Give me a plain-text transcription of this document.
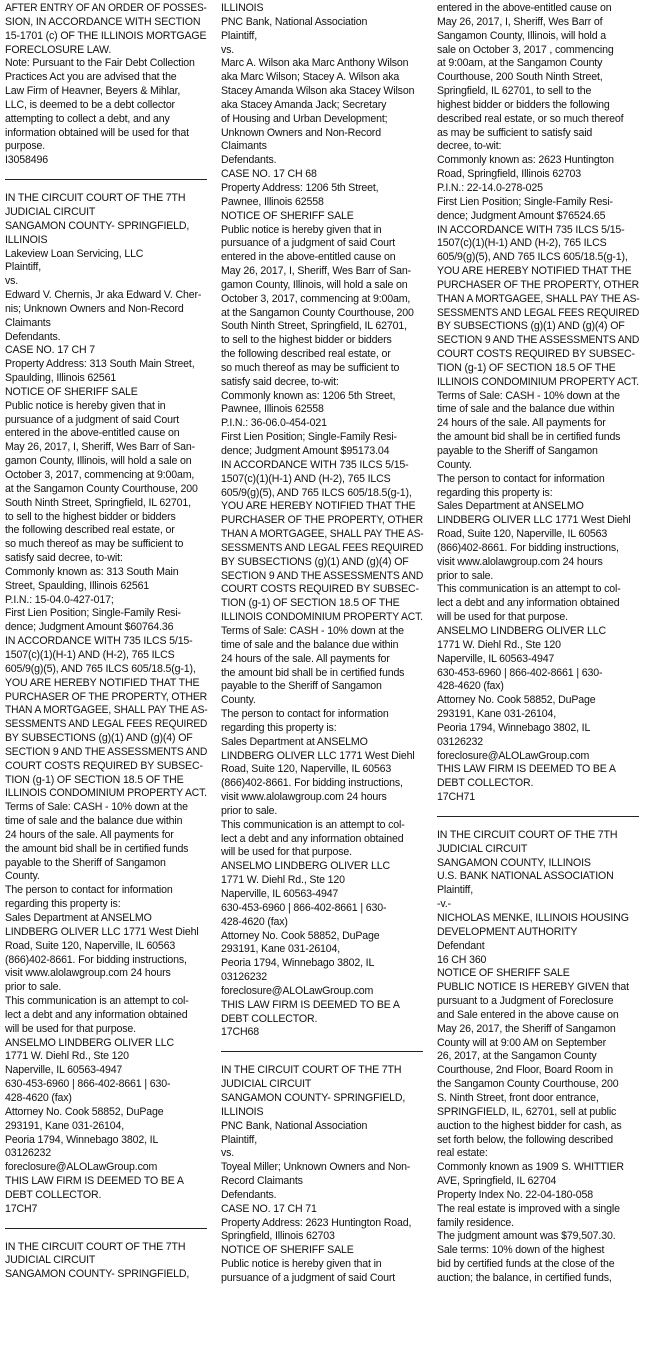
AFTER ENTRY OF AN ORDER OF POSSES-
SION, IN ACCORDANCE WITH SECTION
15-1701 (c) OF THE ILLINOIS MORTGAGE
FORECLOSURE LAW.
Note: Pursuant to the Fair Debt Collection
Practices Act you are advised that the
Law Firm of Heavner, Beyers & Mihlar,
LLC, is deemed to be a debt collector
attempting to collect a debt, and any
information obtained will be used for that
purpose.
I3058496
IN THE CIRCUIT COURT OF THE 7TH
JUDICIAL CIRCUIT
SANGAMON COUNTY- SPRINGFIELD,
ILLINOIS
Lakeview Loan Servicing, LLC
Plaintiff,
vs.
Edward V. Chernis, Jr aka Edward V. Cher-
nis; Unknown Owners and Non-Record
Claimants
Defendants.
CASE NO. 17 CH 7
Property Address: 313 South Main Street,
Spaulding, Illinois 62561
NOTICE OF SHERIFF SALE
Public notice is hereby given that in
pursuance of a judgment of said Court
entered in the above-entitled cause on
May 26, 2017, I, Sheriff, Wes Barr of San-
gamon County, Illinois, will hold a sale on
October 3, 2017, commencing at 9:00am,
at the Sangamon County Courthouse, 200
South Ninth Street, Springfield, IL 62701,
to sell to the highest bidder or bidders
the following described real estate, or
so much thereof as may be sufficient to
satisfy said decree, to-wit:
Commonly known as: 313 South Main
Street, Spaulding, Illinois 62561
P.I.N.: 15-04.0-427-017;
First Lien Position; Single-Family Resi-
dence; Judgment Amount $60764.36
IN ACCORDANCE WITH 735 ILCS 5/15-
1507(c)(1)(H-1) AND (H-2), 765 ILCS
605/9(g)(5), AND 765 ILCS 605/18.5(g-1),
YOU ARE HEREBY NOTIFIED THAT THE
PURCHASER OF THE PROPERTY, OTHER
THAN A MORTGAGEE, SHALL PAY THE AS-
SESSMENTS AND LEGAL FEES REQUIRED
BY SUBSECTIONS (g)(1) AND (g)(4) OF
SECTION 9 AND THE ASSESSMENTS AND
COURT COSTS REQUIRED BY SUBSEC-
TION (g-1) OF SECTION 18.5 OF THE
ILLINOIS CONDOMINIUM PROPERTY ACT.
Terms of Sale: CASH - 10% down at the
time of sale and the balance due within
24 hours of the sale. All payments for
the amount bid shall be in certified funds
payable to the Sheriff of Sangamon
County.
The person to contact for information
regarding this property is:
Sales Department at ANSELMO
LINDBERG OLIVER LLC 1771 West Diehl
Road, Suite 120, Naperville, IL 60563
(866)402-8661. For bidding instructions,
visit www.alolawgroup.com 24 hours
prior to sale.
This communication is an attempt to col-
lect a debt and any information obtained
will be used for that purpose.
ANSELMO LINDBERG OLIVER LLC
1771 W. Diehl Rd., Ste 120
Naperville, IL 60563-4947
630-453-6960 | 866-402-8661 | 630-
428-4620 (fax)
Attorney No. Cook 58852, DuPage
293191, Kane 031-26104,
Peoria 1794, Winnebago 3802, IL
03126232
foreclosure@ALOLawGroup.com
THIS LAW FIRM IS DEEMED TO BE A
DEBT COLLECTOR.
17CH7
IN THE CIRCUIT COURT OF THE 7TH
JUDICIAL CIRCUIT
SANGAMON COUNTY- SPRINGFIELD,
ILLINOIS
PNC Bank, National Association
Plaintiff,
vs.
Marc A. Wilson aka Marc Anthony Wilson
aka Marc Wilson; Stacey A. Wilson aka
Stacey Amanda Wilson aka Stacey Wilson
aka Stacey Amanda Jack; Secretary
of Housing and Urban Development;
Unknown Owners and Non-Record
Claimants
Defendants.
CASE NO. 17 CH 68
Property Address: 1206 5th Street,
Pawnee, Illinois 62558
NOTICE OF SHERIFF SALE
Public notice is hereby given that in
pursuance of a judgment of said Court
entered in the above-entitled cause on
May 26, 2017, I, Sheriff, Wes Barr of San-
gamon County, Illinois, will hold a sale on
October 3, 2017, commencing at 9:00am,
at the Sangamon County Courthouse, 200
South Ninth Street, Springfield, IL 62701,
to sell to the highest bidder or bidders
the following described real estate, or
so much thereof as may be sufficient to
satisfy said decree, to-wit:
Commonly known as: 1206 5th Street,
Pawnee, Illinois 62558
P.I.N.: 36-06.0-454-021
First Lien Position; Single-Family Resi-
dence; Judgment Amount $95173.04
IN ACCORDANCE WITH 735 ILCS 5/15-
1507(c)(1)(H-1) AND (H-2), 765 ILCS
605/9(g)(5), AND 765 ILCS 605/18.5(g-1),
YOU ARE HEREBY NOTIFIED THAT THE
PURCHASER OF THE PROPERTY, OTHER
THAN A MORTGAGEE, SHALL PAY THE AS-
SESSMENTS AND LEGAL FEES REQUIRED
BY SUBSECTIONS (g)(1) AND (g)(4) OF
SECTION 9 AND THE ASSESSMENTS AND
COURT COSTS REQUIRED BY SUBSEC-
TION (g-1) OF SECTION 18.5 OF THE
ILLINOIS CONDOMINIUM PROPERTY ACT.
Terms of Sale: CASH - 10% down at the
time of sale and the balance due within
24 hours of the sale. All payments for
the amount bid shall be in certified funds
payable to the Sheriff of Sangamon
County.
The person to contact for information
regarding this property is:
Sales Department at ANSELMO
LINDBERG OLIVER LLC 1771 West Diehl
Road, Suite 120, Naperville, IL 60563
(866)402-8661. For bidding instructions,
visit www.alolawgroup.com 24 hours
prior to sale.
This communication is an attempt to col-
lect a debt and any information obtained
will be used for that purpose.
ANSELMO LINDBERG OLIVER LLC
1771 W. Diehl Rd., Ste 120
Naperville, IL 60563-4947
630-453-6960 | 866-402-8661 | 630-
428-4620 (fax)
Attorney No. Cook 58852, DuPage
293191, Kane 031-26104,
Peoria 1794, Winnebago 3802, IL
03126232
foreclosure@ALOLawGroup.com
THIS LAW FIRM IS DEEMED TO BE A
DEBT COLLECTOR.
17CH68
IN THE CIRCUIT COURT OF THE 7TH
JUDICIAL CIRCUIT
SANGAMON COUNTY- SPRINGFIELD,
ILLINOIS
PNC Bank, National Association
Plaintiff,
vs.
Toyeal Miller; Unknown Owners and Non-
Record Claimants
Defendants.
CASE NO. 17 CH 71
Property Address: 2623 Huntington Road,
Springfield, Illinois 62703
NOTICE OF SHERIFF SALE
Public notice is hereby given that in
pursuance of a judgment of said Court
entered in the above-entitled cause on
May 26, 2017, I, Sheriff, Wes Barr of
Sangamon County, Illinois, will hold a
sale on October 3, 2017 , commencing
at 9:00am, at the Sangamon County
Courthouse, 200 South Ninth Street,
Springfield, IL 62701, to sell to the
highest bidder or bidders the following
described real estate, or so much thereof
as may be sufficient to satisfy said
decree, to-wit:
Commonly known as: 2623 Huntington
Road, Springfield, Illinois 62703
P.I.N.: 22-14.0-278-025
First Lien Position; Single-Family Resi-
dence; Judgment Amount $76524.65
IN ACCORDANCE WITH 735 ILCS 5/15-
1507(c)(1)(H-1) AND (H-2), 765 ILCS
605/9(g)(5), AND 765 ILCS 605/18.5(g-1),
YOU ARE HEREBY NOTIFIED THAT THE
PURCHASER OF THE PROPERTY, OTHER
THAN A MORTGAGEE, SHALL PAY THE AS-
SESSMENTS AND LEGAL FEES REQUIRED
BY SUBSECTIONS (g)(1) AND (g)(4) OF
SECTION 9 AND THE ASSESSMENTS AND
COURT COSTS REQUIRED BY SUBSEC-
TION (g-1) OF SECTION 18.5 OF THE
ILLINOIS CONDOMINIUM PROPERTY ACT.
Terms of Sale: CASH - 10% down at the
time of sale and the balance due within
24 hours of the sale. All payments for
the amount bid shall be in certified funds
payable to the Sheriff of Sangamon
County.
The person to contact for information
regarding this property is:
Sales Department at ANSELMO
LINDBERG OLIVER LLC 1771 West Diehl
Road, Suite 120, Naperville, IL 60563
(866)402-8661. For bidding instructions,
visit www.alolawgroup.com 24 hours
prior to sale.
This communication is an attempt to col-
lect a debt and any information obtained
will be used for that purpose.
ANSELMO LINDBERG OLIVER LLC
1771 W. Diehl Rd., Ste 120
Naperville, IL 60563-4947
630-453-6960 | 866-402-8661 | 630-
428-4620 (fax)
Attorney No. Cook 58852, DuPage
293191, Kane 031-26104,
Peoria 1794, Winnebago 3802, IL
03126232
foreclosure@ALOLawGroup.com
THIS LAW FIRM IS DEEMED TO BE A
DEBT COLLECTOR.
17CH71
IN THE CIRCUIT COURT OF THE 7TH
JUDICIAL CIRCUIT
SANGAMON COUNTY, ILLINOIS
U.S. BANK NATIONAL ASSOCIATION
Plaintiff,
-v.-
NICHOLAS MENKE, ILLINOIS HOUSING
DEVELOPMENT AUTHORITY
Defendant
16 CH 360
NOTICE OF SHERIFF SALE
PUBLIC NOTICE IS HEREBY GIVEN that
pursuant to a Judgment of Foreclosure
and Sale entered in the above cause on
May 26, 2017, the Sheriff of Sangamon
County will at 9:00 AM on September
26, 2017, at the Sangamon County
Courthouse, 2nd Floor, Board Room in
the Sangamon County Courthouse, 200
S. Ninth Street, front door entrance,
SPRINGFIELD, IL, 62701, sell at public
auction to the highest bidder for cash, as
set forth below, the following described
real estate:
Commonly known as 1909 S. WHITTIER
AVE, Springfield, IL 62704
Property Index No. 22-04-180-058
The real estate is improved with a single
family residence.
The judgment amount was $79,507.30.
Sale terms: 10% down of the highest
bid by certified funds at the close of the
auction; the balance, in certified funds,
